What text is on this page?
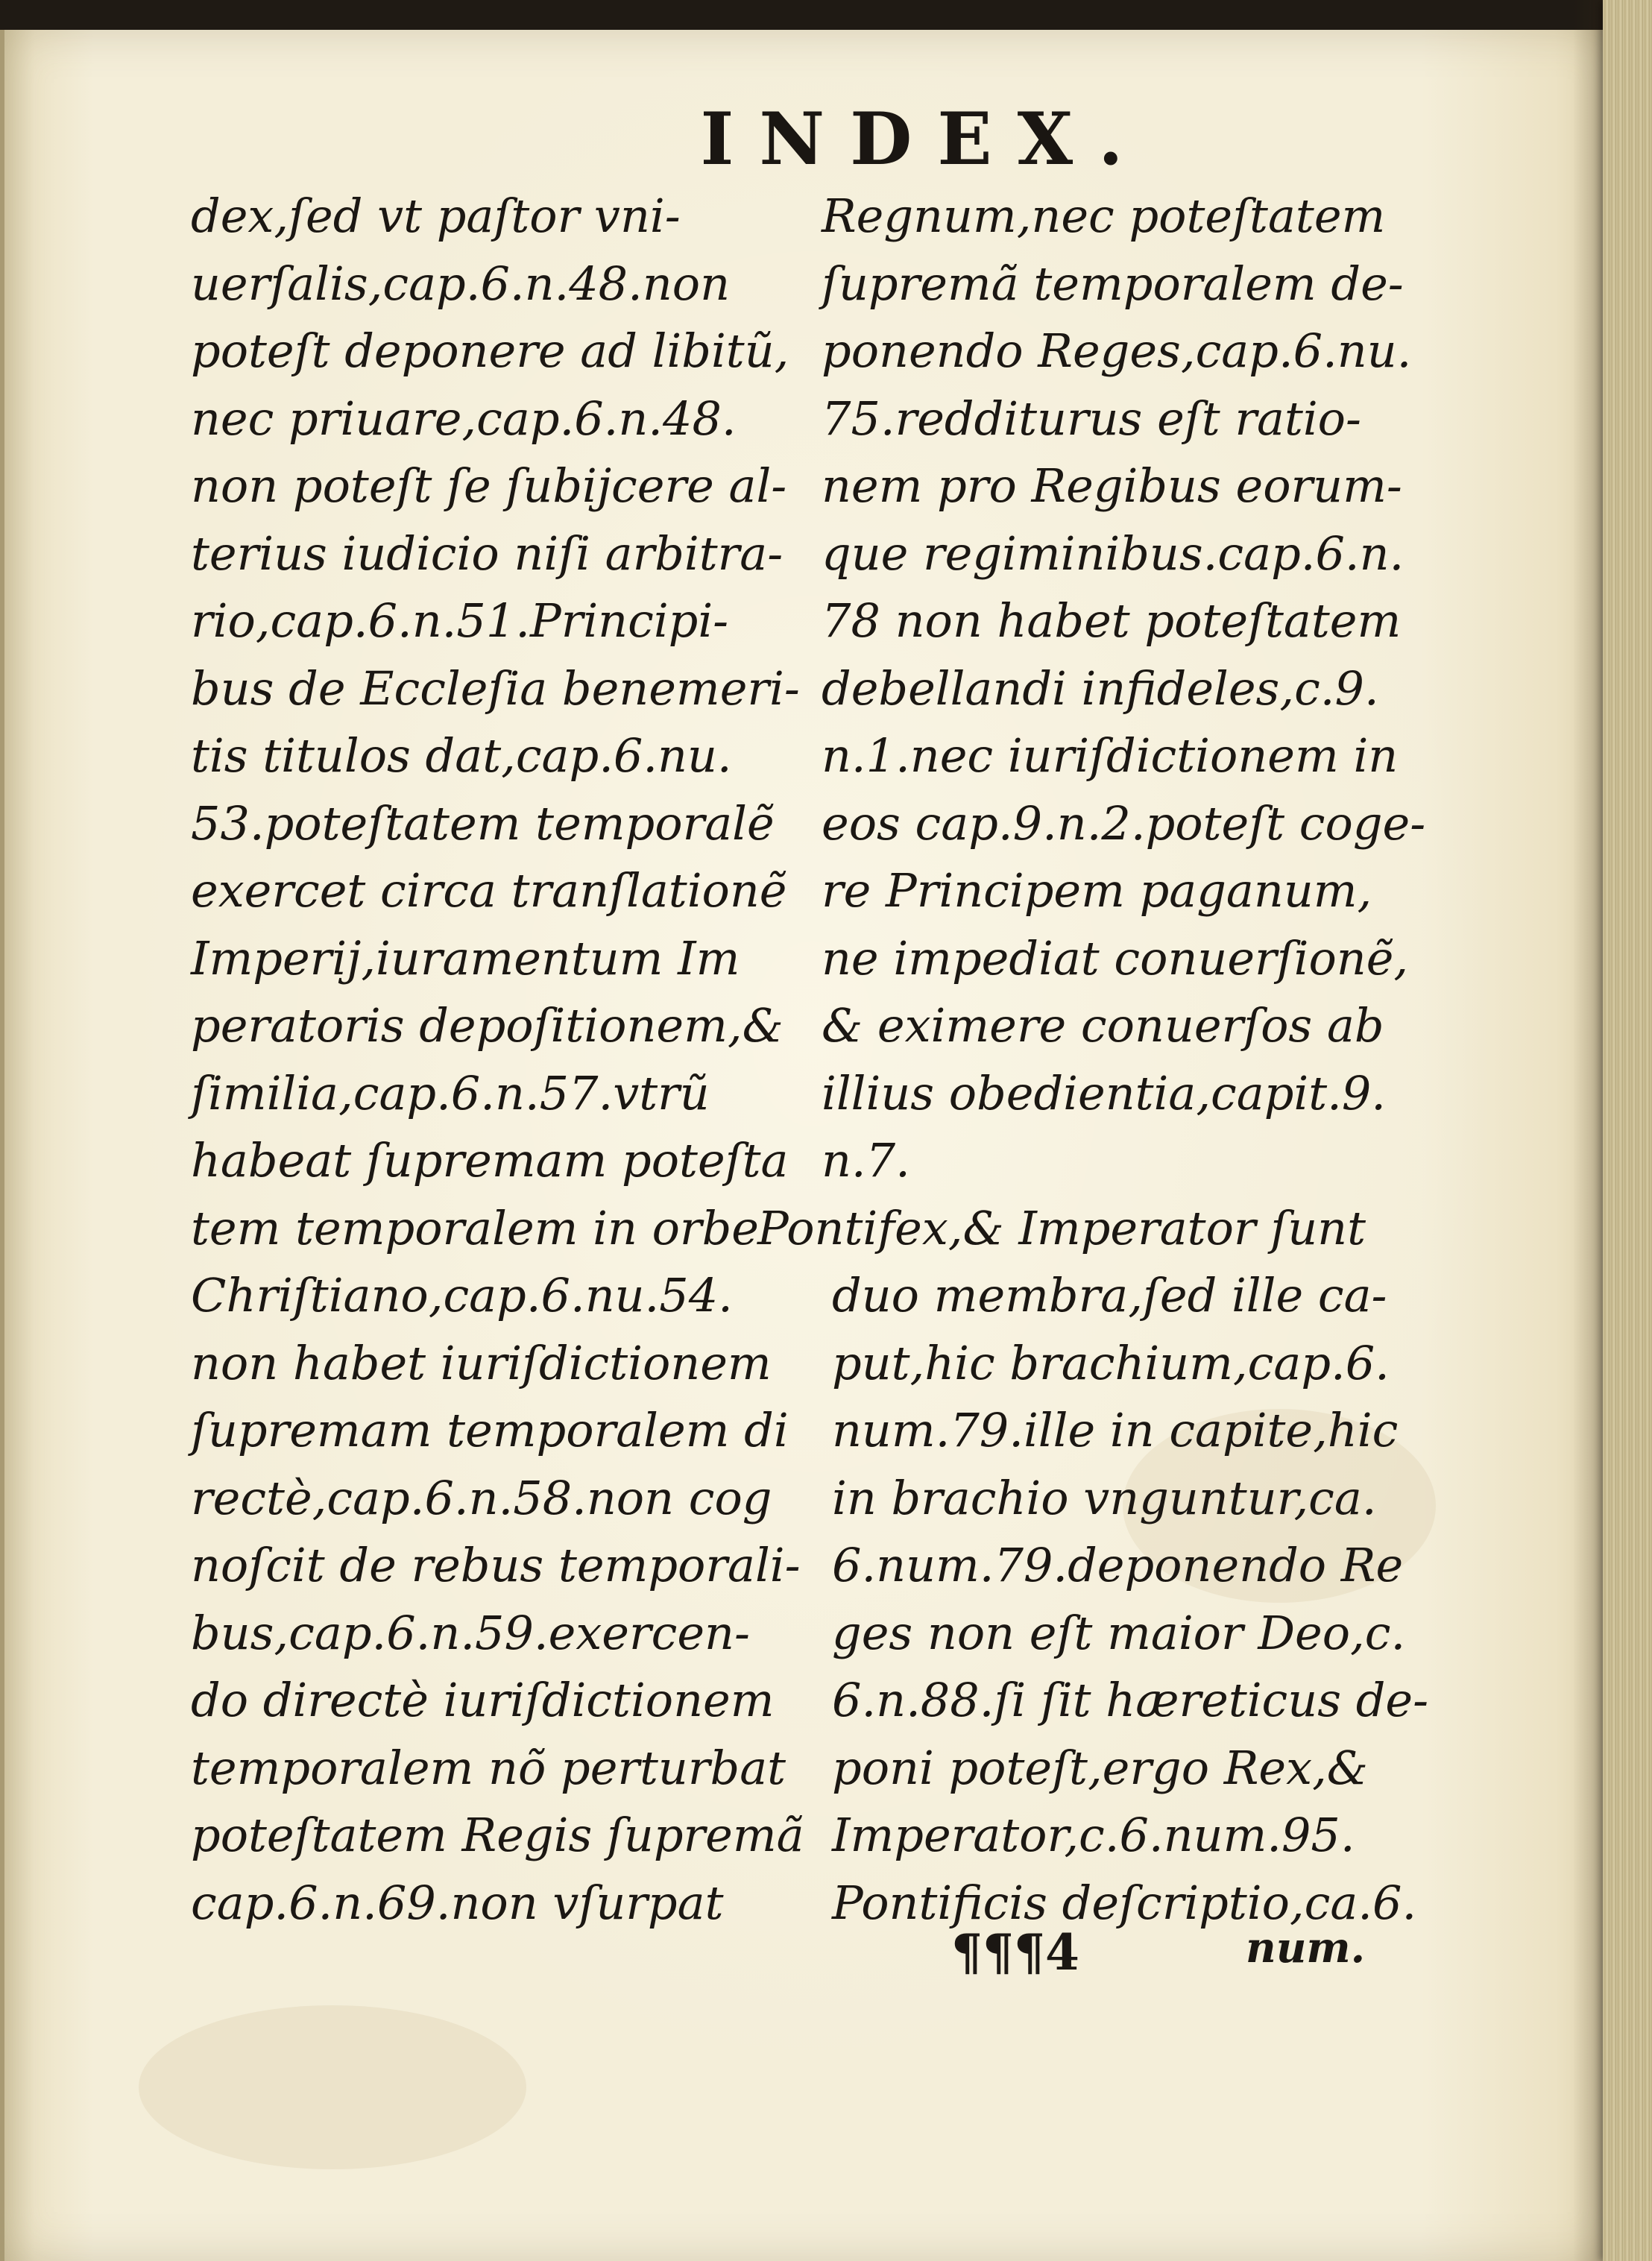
INDEX.

dex,ſed vt paſtor vni-

uerſalis,cap.6.n.48.non

poteſt deponere ad libitũ,

nec priuare,cap.6.n.48.

non poteſt ſe ſubijcere al-

terius iudicio niſi arbitra-

rio,cap.6.n.51.Principi-

bus de Eccleſia benemeri-

tis titulos dat,cap.6.nu.

53.poteſtatem temporalẽ

exercet circa tranſlationẽ

Imperij,iuramentum Im

peratoris depoſitionem,&

ſimilia,cap.6.n.57.vtrũ

habeat ſupremam poteſta

tem temporalem in orbe

Chriſtiano,cap.6.nu.54.

non habet iuriſdictionem

ſupremam temporalem di

rectè,cap.6.n.58.non cog

noſcit de rebus temporali-

bus,cap.6.n.59.exercen-

do directè iuriſdictionem

temporalem nõ perturbat

poteſtatem Regis ſupremã

cap.6.n.69.non vſurpat

Regnum,nec poteſtatem

ſupremã temporalem de-

ponendo Reges,cap.6.nu.

75.redditurus eſt ratio-

nem pro Regibus eorum-

que regiminibus.cap.6.n.

78 non habet poteſtatem

debellandi infideles,c.9.

n.1.nec iuriſdictionem in

eos cap.9.n.2.poteſt coge-

re Principem paganum,

ne impediat conuerſionẽ,

& eximere conuerſos ab

illius obedientia,capit.9.

n.7.

Pontifex,& Imperator ſunt

duo membra,ſed ille ca-

put,hic brachium,cap.6.

num.79.ille in capite,hic

in brachio vnguntur,ca.

6.num.79.deponendo Re

ges non eſt maior Deo,c.

6.n.88.ſi ſit hæreticus de-

poni poteſt,ergo Rex,&

Imperator,c.6.num.95.

Pontificis deſcriptio,ca.6.

¶¶¶4	num.
